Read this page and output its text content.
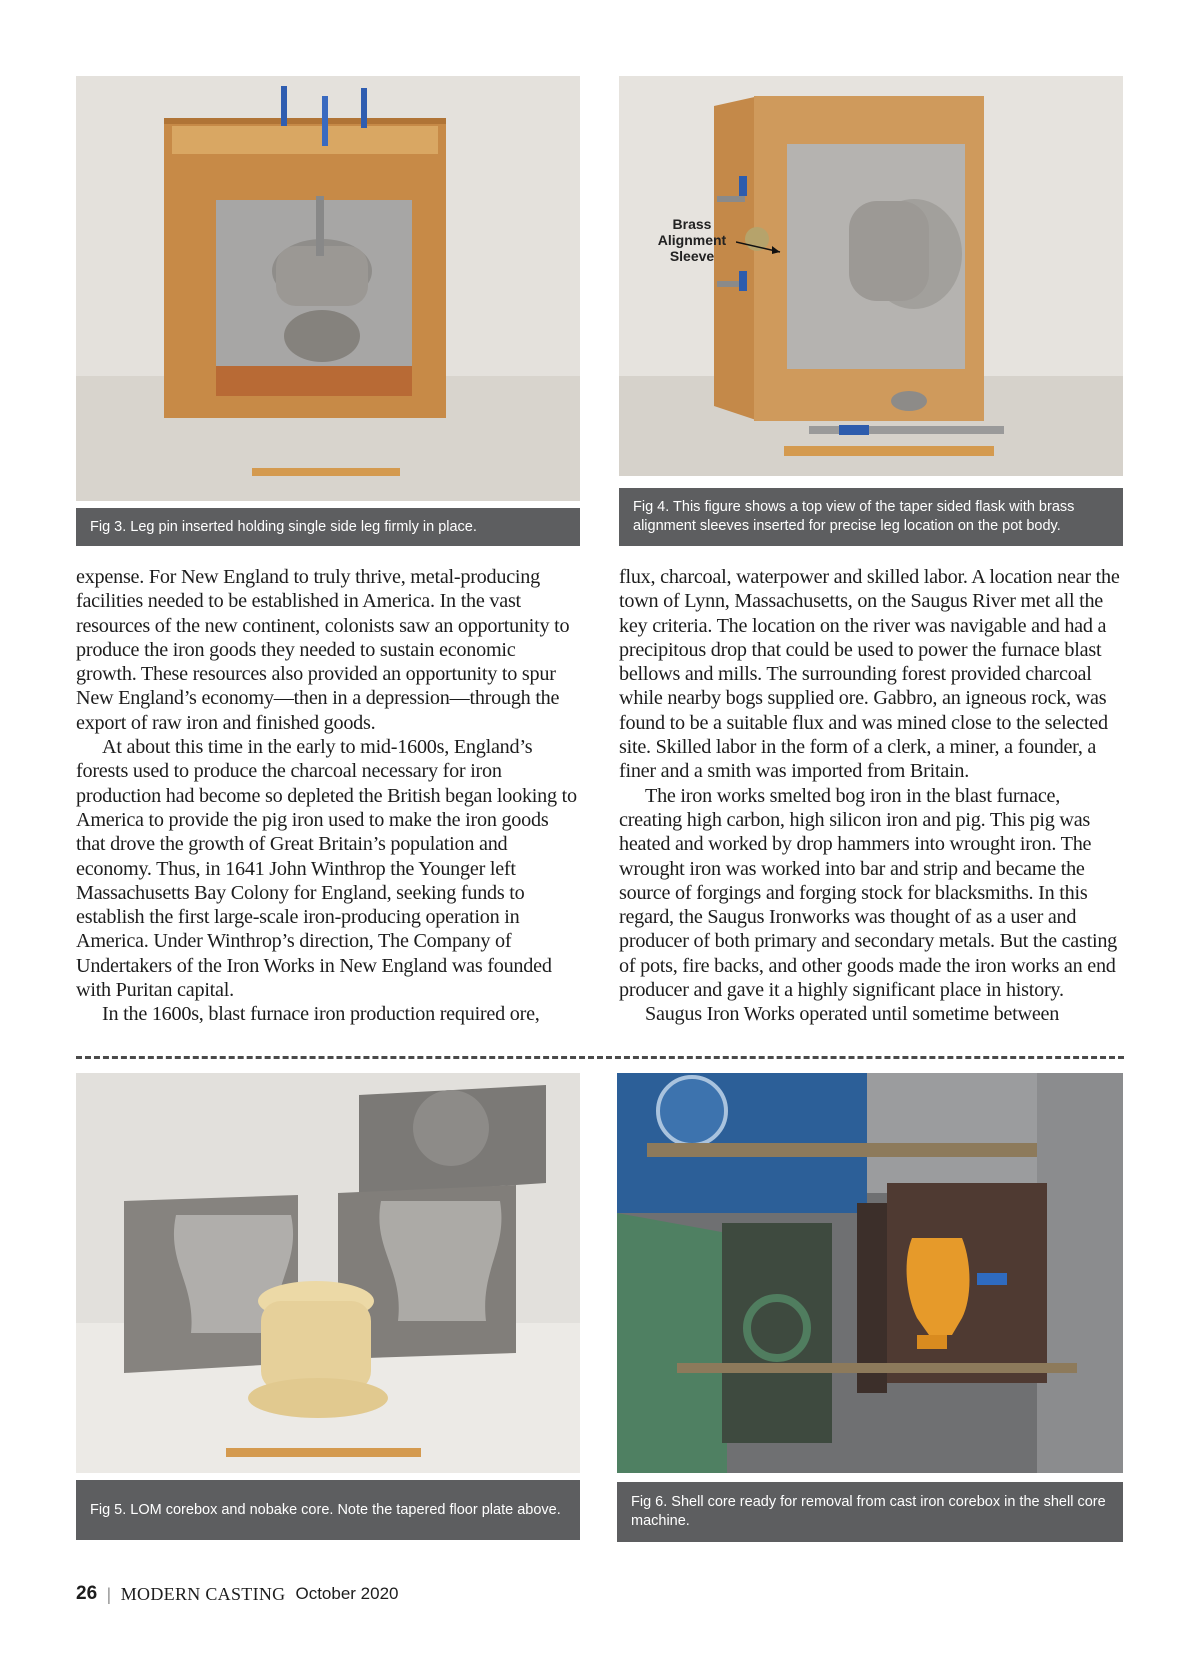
Fig 3. Leg pin inserted holding single side leg firmly in place.
Brass
Alignment
Sleeve
Fig 4. This figure shows a top view of the taper sided flask with brass alignment sleeves inserted for precise leg location on the pot body.

expense. For New England to truly thrive, metal-producing facilities needed to be established in America. In the vast resources of the new continent, colonists saw an opportunity to produce the iron goods they needed to sustain economic growth. These resources also provided an opportunity to spur New England’s economy—then in a depression—through the export of raw iron and finished goods.

At about this time in the early to mid-1600s, England’s forests used to produce the charcoal necessary for iron production had become so depleted the British began looking to America to provide the pig iron used to make the iron goods that drove the growth of Great Britain’s population and economy. Thus, in 1641 John Winthrop the Younger left Massachusetts Bay Colony for England, seeking funds to establish the first large-scale iron-producing operation in America. Under Winthrop’s direction, The Company of Undertakers of the Iron Works in New England was founded with Puritan capital.

In the 1600s, blast furnace iron production required ore,

flux, charcoal, waterpower and skilled labor. A location near the town of Lynn, Massachusetts, on the Saugus River met all the key criteria. The location on the river was navigable and had a precipitous drop that could be used to power the furnace blast bellows and mills. The surrounding forest provided charcoal while nearby bogs supplied ore. Gabbro, an igneous rock, was found to be a suitable flux and was mined close to the selected site. Skilled labor in the form of a clerk, a miner, a founder, a finer and a smith was imported from Britain.

The iron works smelted bog iron in the blast furnace, creating high carbon, high silicon iron and pig. This pig was heated and worked by drop hammers into wrought iron. The wrought iron was worked into bar and strip and became the source of forgings and forging stock for blacksmiths. In this regard, the Saugus Ironworks was thought of as a user and producer of both primary and secondary metals. But the casting of pots, fire backs, and other goods made the iron works an end producer and gave it a highly significant place in history.

Saugus Iron Works operated until sometime between

Fig 5. LOM corebox and nobake core. Note the tapered floor plate above.	Fig 6. Shell core ready for removal from cast iron corebox in the shell core machine.
26 | MODERN CASTING October 2020
